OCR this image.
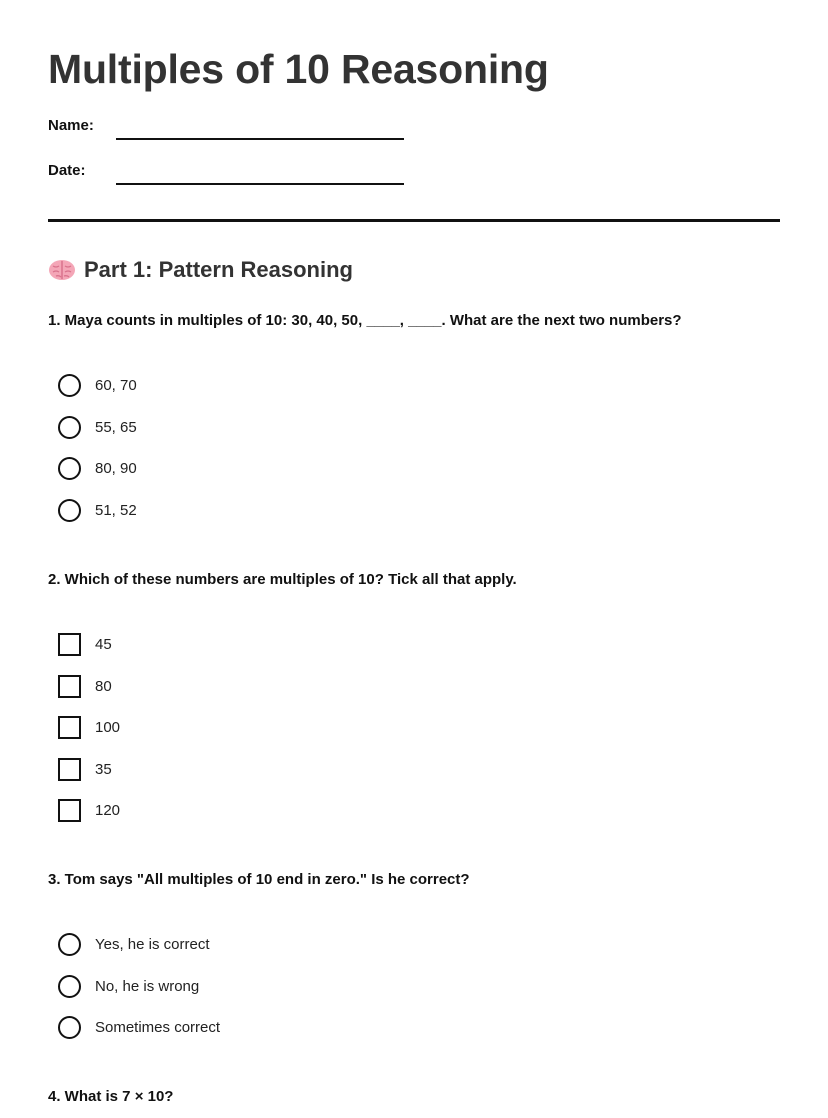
Multiples of 10 Reasoning
Name:
Date:
Part 1: Pattern Reasoning

1. Maya counts in multiples of 10: 30, 40, 50, ____, ____. What are the next two numbers?

60, 70
55, 65
80, 90
51, 52

2. Which of these numbers are multiples of 10? Tick all that apply.

45
80
100
35
120

3. Tom says "All multiples of 10 end in zero." Is he correct?

Yes, he is correct
No, he is wrong
Sometimes correct

4. What is 7 × 10?
